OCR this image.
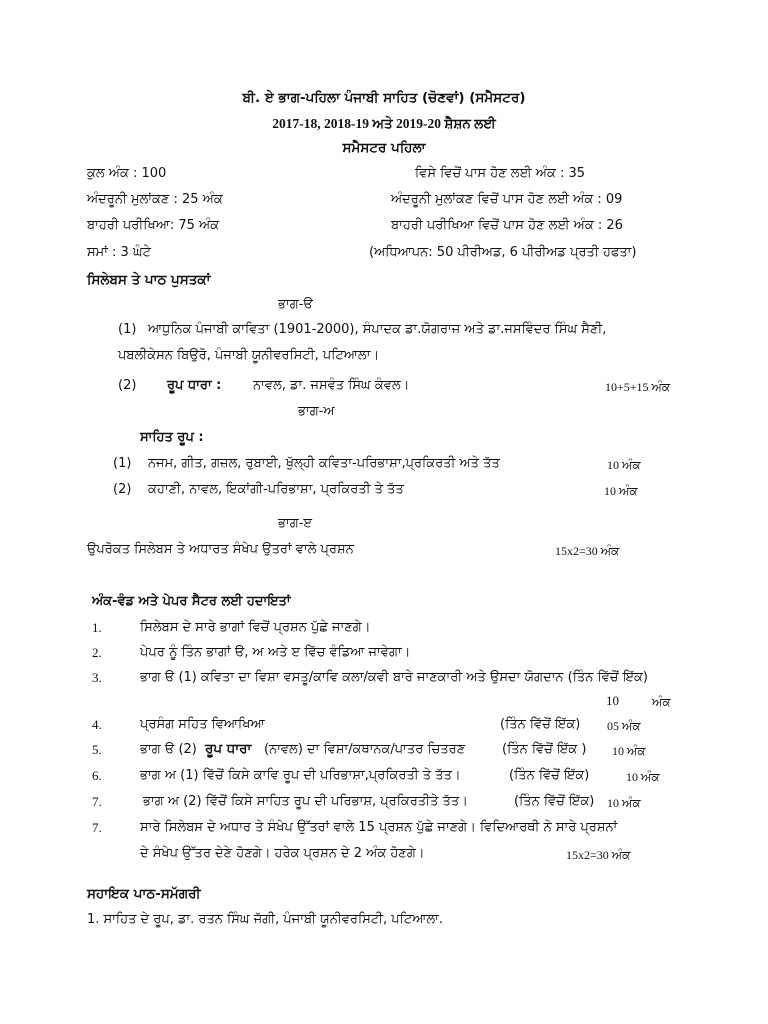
ਬੀ. ਏ ਭਾਗ-ਪਹਿਲਾ ਪੰਜਾਬੀ ਸਾਹਿਤ (ਚੋਣਵਾਂ) (ਸਮੈਸਟਰ)
2017-18, 2018-19 ਅਤੇ 2019-20 ਸ਼ੈਸ਼ਨ ਲਈ
ਸਮੈਸਟਰ ਪਹਿਲਾ
ਕੁਲ ਅੰਕ : 100	ਵਿਸੇ ਵਿਚੋਂ ਪਾਸ ਹੋਣ ਲਈ ਅੰਕ : 35
ਅੰਦਰੂਨੀ ਮੁਲਾਂਕਣ : 25 ਅੰਕ	ਅੰਦਰੂਨੀ ਮੁਲਾਂਕਣ ਵਿਚੋਂ ਪਾਸ ਹੋਣ ਲਈ ਅੰਕ : 09
ਬਾਹਰੀ ਪਰੀਖਿਆ: 75 ਅੰਕ	ਬਾਹਰੀ ਪਰੀਖਿਆ ਵਿਚੋਂ ਪਾਸ ਹੋਣ ਲਈ ਅੰਕ : 26
ਸਮਾਂ : 3 ਘੰਟੇ	(ਅਧਿਆਪਨ: 50 ਪੀਰੀਅਡ, 6 ਪੀਰੀਅਡ ਪ੍ਰਤੀ ਹਫਤਾ)
ਸਿਲੇਬਸ ਤੇ ਪਾਠ ਪੁਸਤਕਾਂ
ਭਾਗ-ੳ
(1) ਆਧੁਨਿਕ ਪੰਜਾਬੀ ਕਾਵਿਤਾ (1901-2000), ਸੰਪਾਦਕ ਡਾ.ਯੋਗਰਾਜ ਅਤੇ ਡਾ.ਜਸਵਿੰਦਰ ਸਿੰਘ ਸੈਣੀ,
ਪਬਲੀਕੇਸਨ ਬਿਉਰੋ, ਪੰਜਾਬੀ ਯੂਨੀਵਰਸਿਟੀ, ਪਟਿਆਲਾ।
(2) ਰੂਪ ਧਾਰਾ : ਨਾਵਲ, ਡਾ. ਜਸਵੰਤ ਸਿੰਘ ਕੰਵਲ।	10+5+15 ਅੰਕ
ਭਾਗ-ਅ
ਸਾਹਿਤ ਰੂਪ :
(1) ਨਜਮ, ਗੀਤ, ਗਜ਼ਲ, ਰੁਬਾਈ, ਖੁੱਲ੍ਹੀ ਕਵਿਤਾ-ਪਰਿਭਾਸ਼ਾ,ਪ੍ਰਕਿਰਤੀ ਅਤੇ ਤੱਤ	10 ਅੰਕ
(2) ਕਹਾਣੀ, ਨਾਵਲ, ਇਕਾਂਗੀ-ਪਰਿਭਾਸ਼ਾ, ਪ੍ਰਕਿਰਤੀ ਤੇ ਤੱਤ	10 ਅੰਕ
ਭਾਗ-ੲ
ਉਪਰੋਕਤ ਸਿਲੇਬਸ ਤੇ ਅਧਾਰਤ ਸੰਖੇਪ ਉਤਰਾਂ ਵਾਲੇ ਪ੍ਰਸ਼ਨ	15x2=30 ਅੰਕ
ਅੰਕ-ਵੰਡ ਅਤੇ ਪੇਪਰ ਸੈਟਰ ਲਈ ਹਦਾਇਤਾਂ
1.	ਸਿਲੇਬਸ ਦੇ ਸਾਰੇ ਭਾਗਾਂ ਵਿਚੋਂ ਪ੍ਰਸ਼ਨ ਪੁੱਛੇ ਜਾਣਗੇ।
2.	ਪੇਪਰ ਨੂੰ ਤਿੰਨ ਭਾਗਾਂ ੳ, ਅ ਅਤੇ ੲ ਵਿੱਚ ਵੰਡਿਆ ਜਾਵੇਗਾ।
3.	ਭਾਗ ੳ (1) ਕਵਿਤਾ ਦਾ ਵਿਸ਼ਾ ਵਸਤੂ/ਕਾਵਿ ਕਲਾ/ਕਵੀ ਬਾਰੇ ਜਾਣਕਾਰੀ ਅਤੇ ਉਸਦਾ ਯੋਗਦਾਨ (ਤਿੰਨ ਵਿੱਚੋਂ ਇੱਕ)
10	ਅੰਕ
4.	ਪ੍ਰਸੰਗ ਸਹਿਤ ਵਿਆਖਿਆ	(ਤਿੰਨ ਵਿੱਚੋਂ ਇੱਕ) 05 ਅੰਕ
5.	ਭਾਗ ੳ (2) ਰੂਪ ਧਾਰਾ (ਨਾਵਲ) ਦਾ ਵਿਸ਼ਾ/ਕਥਾਨਕ/ਪਾਤਰ ਚਿਤਰਣ	(ਤਿੰਨ ਵਿੱਚੋਂ ਇੱਕ ) 10 ਅੰਕ
6.	ਭਾਗ ਅ (1) ਵਿੱਚੋਂ ਕਿਸੇ ਕਾਵਿ ਰੂਪ ਦੀ ਪਰਿਭਾਸ਼ਾ,ਪ੍ਰਕਿਰਤੀ ਤੇ ਤੱਤ।	(ਤਿੰਨ ਵਿੱਚੋਂ ਇੱਕ)	10 ਅੰਕ
7.	ਭਾਗ ਅ (2) ਵਿੱਚੋਂ ਕਿਸੇ ਸਾਹਿਤ ਰੂਪ ਦੀ ਪਰਿਭਾਸ਼, ਪ੍ਰਕਿਰਤੀਤੇ ਤੱਤ।	(ਤਿੰਨ ਵਿੱਚੋਂ ਇੱਕ) 10 ਅੰਕ
7.	ਸਾਰੇ ਸਿਲੇਬਸ ਦੇ ਅਧਾਰ ਤੇ ਸੰਖੇਪ ਉੱਤਰਾਂ ਵਾਲੇ 15 ਪ੍ਰਸ਼ਨ ਪੁੱਛੇ ਜਾਣਗੇ। ਵਿਦਿਆਰਥੀ ਨੇ ਸਾਰੇ ਪ੍ਰਸ਼ਨਾਂ
ਦੇ ਸੰਖੇਪ ਉੱਤਰ ਦੇਣੇ ਹੋਣਗੇ। ਹਰੇਕ ਪ੍ਰਸ਼ਨ ਦੇ 2 ਅੰਕ ਹੋਣਗੇ।	15x2=30 ਅੰਕ
ਸਹਾਇਕ ਪਾਠ-ਸਮੱਗਰੀ
1. ਸਾਹਿਤ ਦੇ ਰੂਪ, ਡਾ. ਰਤਨ ਸਿੰਘ ਜੱਗੀ, ਪੰਜਾਬੀ ਯੂਨੀਵਰਸਿਟੀ, ਪਟਿਆਲਾ.
